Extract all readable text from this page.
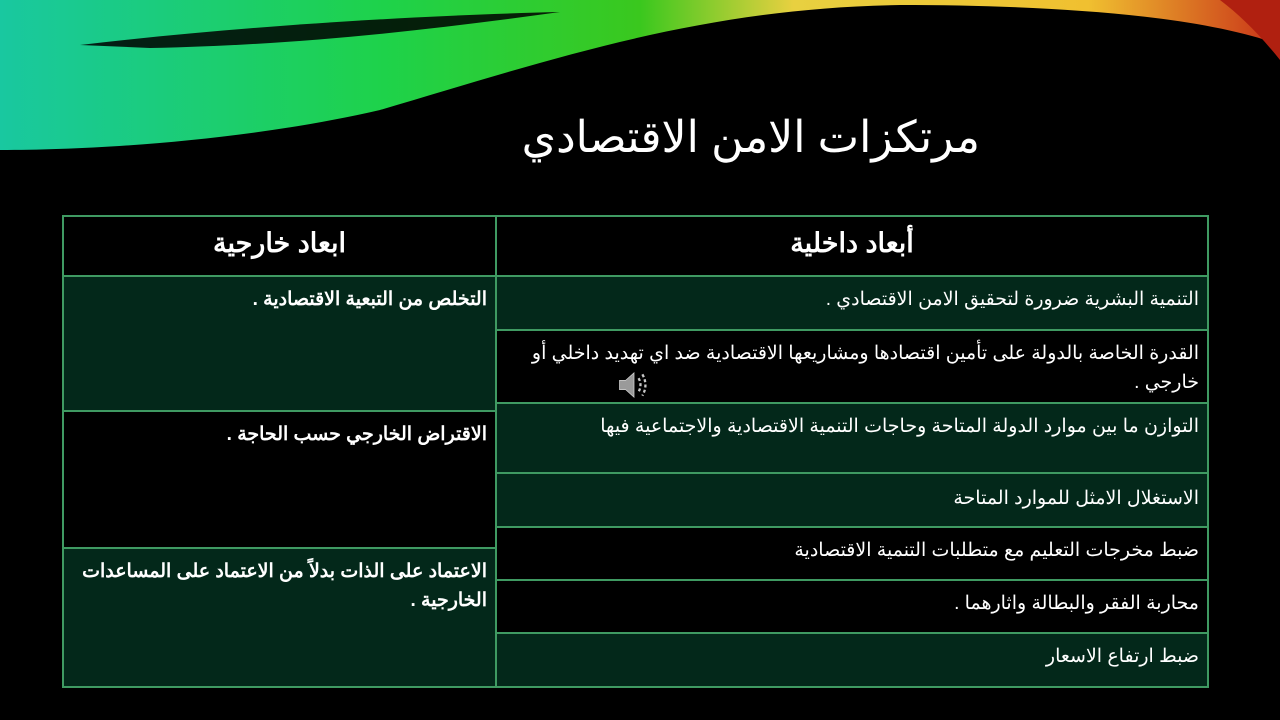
مرتكزات الامن الاقتصادي
أبعاد داخلية
ابعاد خارجية
التنمية البشرية ضرورة لتحقيق الامن الاقتصادي .
القدرة الخاصة بالدولة على تأمين اقتصادها ومشاريعها الاقتصادية ضد اي تهديد داخلي أو خارجي .
التوازن ما بين موارد الدولة المتاحة وحاجات التنمية الاقتصادية والاجتماعية فيها
الاستغلال الامثل للموارد المتاحة
ضبط مخرجات التعليم مع متطلبات التنمية الاقتصادية
محاربة الفقر والبطالة واثارهما .
ضبط ارتفاع الاسعار
التخلص من التبعية الاقتصادية .
الاقتراض الخارجي حسب الحاجة .
الاعتماد على الذات بدلاً من الاعتماد على المساعدات الخارجية .
